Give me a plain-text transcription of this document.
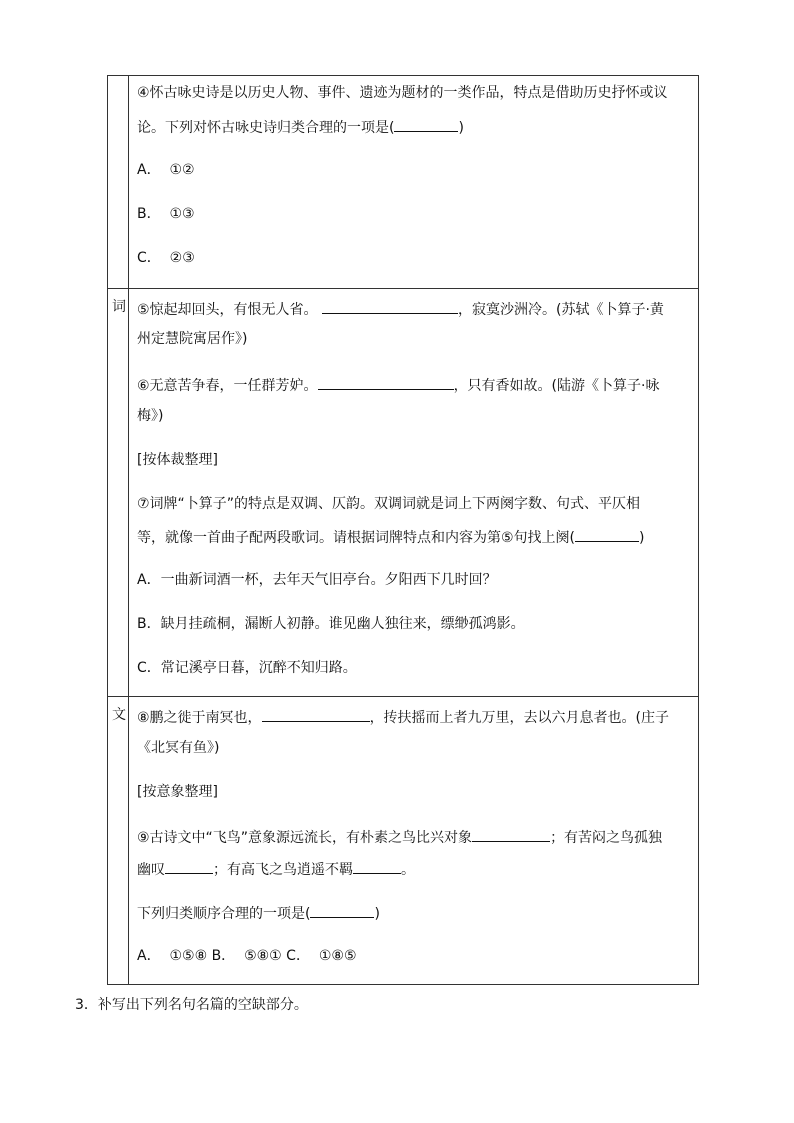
④怀古咏史诗是以历史人物、事件、遗迹为题材的一类作品，特点是借助历史抒怀或议
论。下列对怀古咏史诗归类合理的一项是(	)
A．  ①②
B．  ①③
C．  ②③
词 ⑤惊起却回头，有恨无人省。	，寂寞沙洲冷。(苏轼《卜算子·黄
州定慧院寓居作》)
⑥无意苦争春，一任群芳妒。	，只有香如故。(陆游《卜算子·咏
梅》)
[按体裁整理]
⑦词牌“卜算子”的特点是双调、仄韵。双调词就是词上下两阕字数、句式、平仄相
等，就像一首曲子配两段歌词。请根据词牌特点和内容为第⑤句找上阕(	)
A．一曲新词酒一杯，去年天气旧亭台。夕阳西下几时回？
B．缺月挂疏桐，漏断人初静。谁见幽人独往来，缥缈孤鸿影。
C．常记溪亭日暮，沉醉不知归路。
文 ⑧鹏之徙于南冥也，	，抟扶摇而上者九万里，去以六月息者也。(庄子
《北冥有鱼》)
[按意象整理]
⑨古诗文中“飞鸟”意象源远流长，有朴素之鸟比兴对象	；有苦闷之鸟孤独
幽叹	；有高飞之鸟逍遥不羁	。
下列归类顺序合理的一项是(	)
A．  ①⑤⑧ B．  ⑤⑧① C．  ①⑧⑤
3．补写出下列名句名篇的空缺部分。
